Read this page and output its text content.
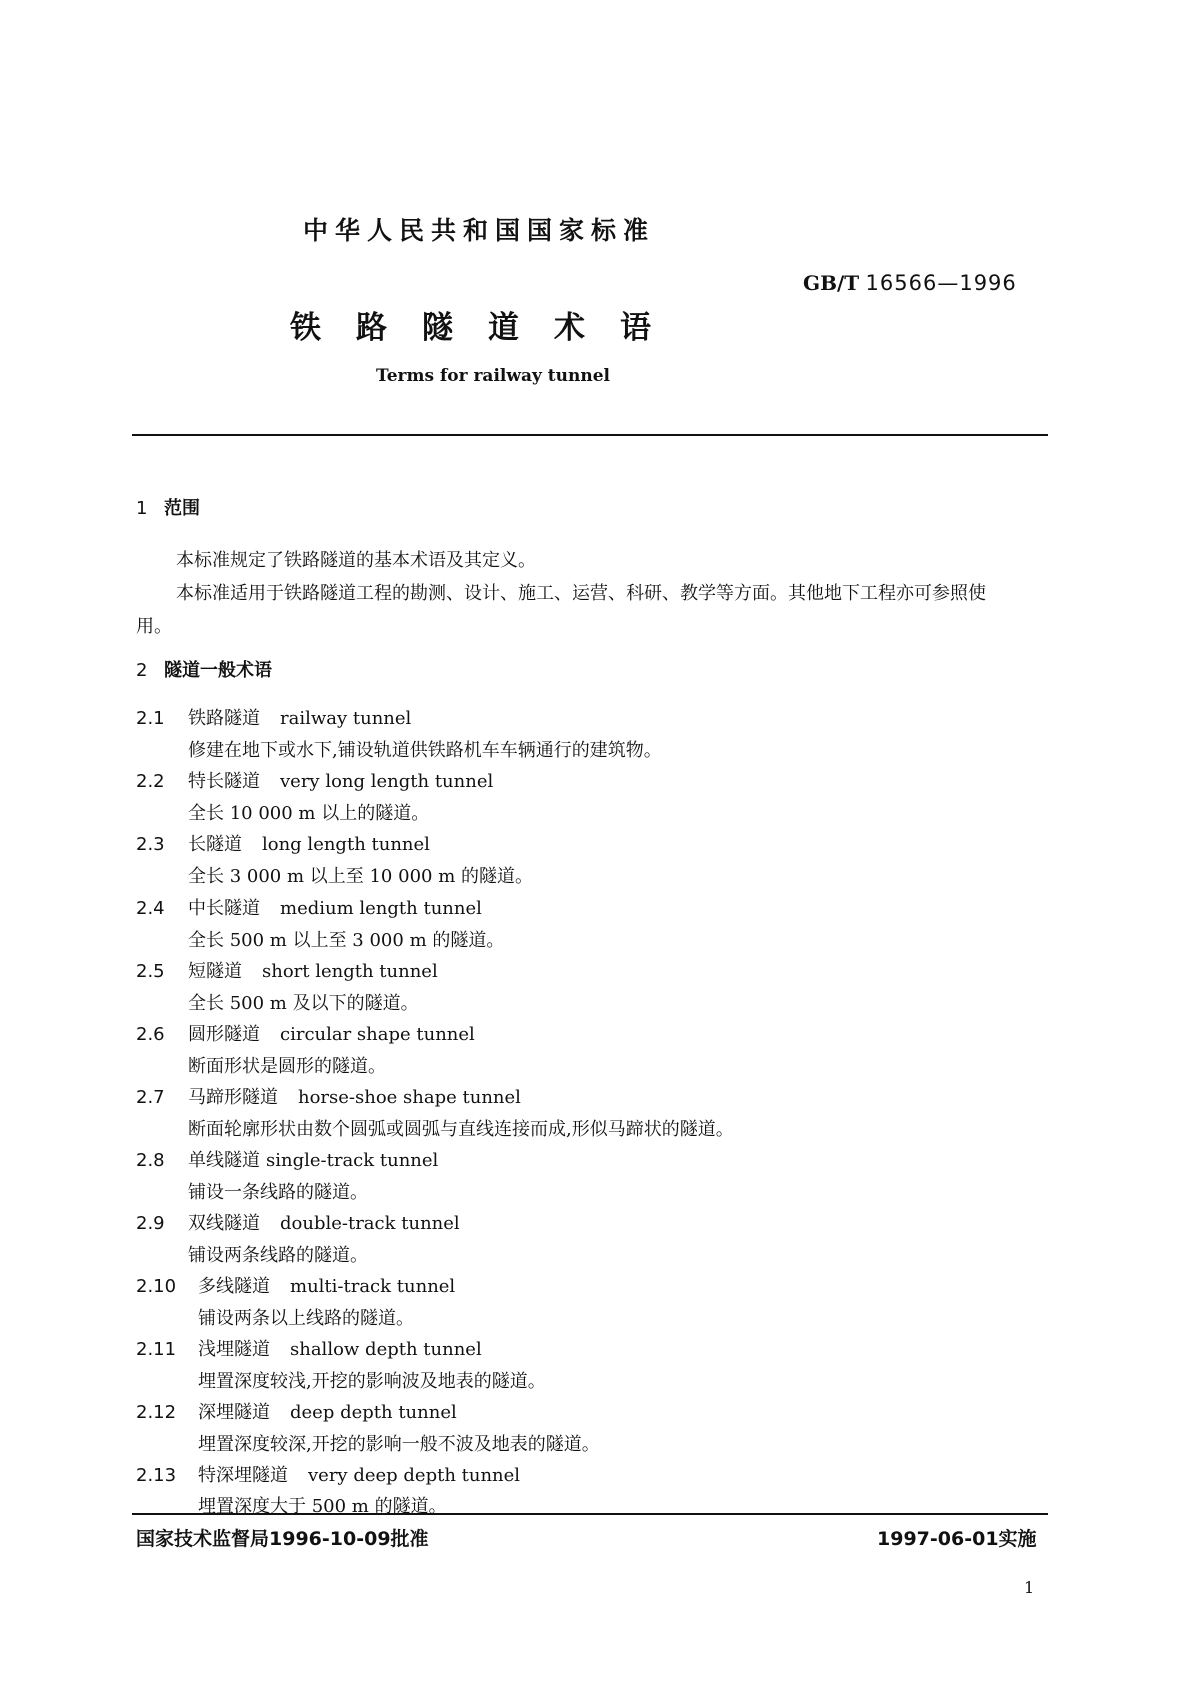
中华人民共和国国家标准
GB/T 16566—1996
铁路隧道术语
Terms for railway tunnel
1 范围
本标准规定了铁路隧道的基本术语及其定义。
本标准适用于铁路隧道工程的勘测、设计、施工、运营、科研、教学等方面。其他地下工程亦可参照使
用。
2 隧道一般术语
2.1 铁路隧道 railway tunnel
修建在地下或水下,铺设轨道供铁路机车车辆通行的建筑物。
2.2 特长隧道 very long length tunnel
全长 10 000 m 以上的隧道。
2.3 长隧道 long length tunnel
全长 3 000 m 以上至 10 000 m 的隧道。
2.4 中长隧道 medium length tunnel
全长 500 m 以上至 3 000 m 的隧道。
2.5 短隧道 short length tunnel
全长 500 m 及以下的隧道。
2.6 圆形隧道 circular shape tunnel
断面形状是圆形的隧道。
2.7 马蹄形隧道 horse-shoe shape tunnel
断面轮廓形状由数个圆弧或圆弧与直线连接而成,形似马蹄状的隧道。
2.8 单线隧道 single-track tunnel
铺设一条线路的隧道。
2.9 双线隧道 double-track tunnel
铺设两条线路的隧道。
2.10 多线隧道 multi-track tunnel
铺设两条以上线路的隧道。
2.11 浅埋隧道 shallow depth tunnel
埋置深度较浅,开挖的影响波及地表的隧道。
2.12 深埋隧道 deep depth tunnel
埋置深度较深,开挖的影响一般不波及地表的隧道。
2.13 特深埋隧道 very deep depth tunnel
埋置深度大于 500 m 的隧道。
国家技术监督局1996-10-09批准	1997-06-01实施
1
